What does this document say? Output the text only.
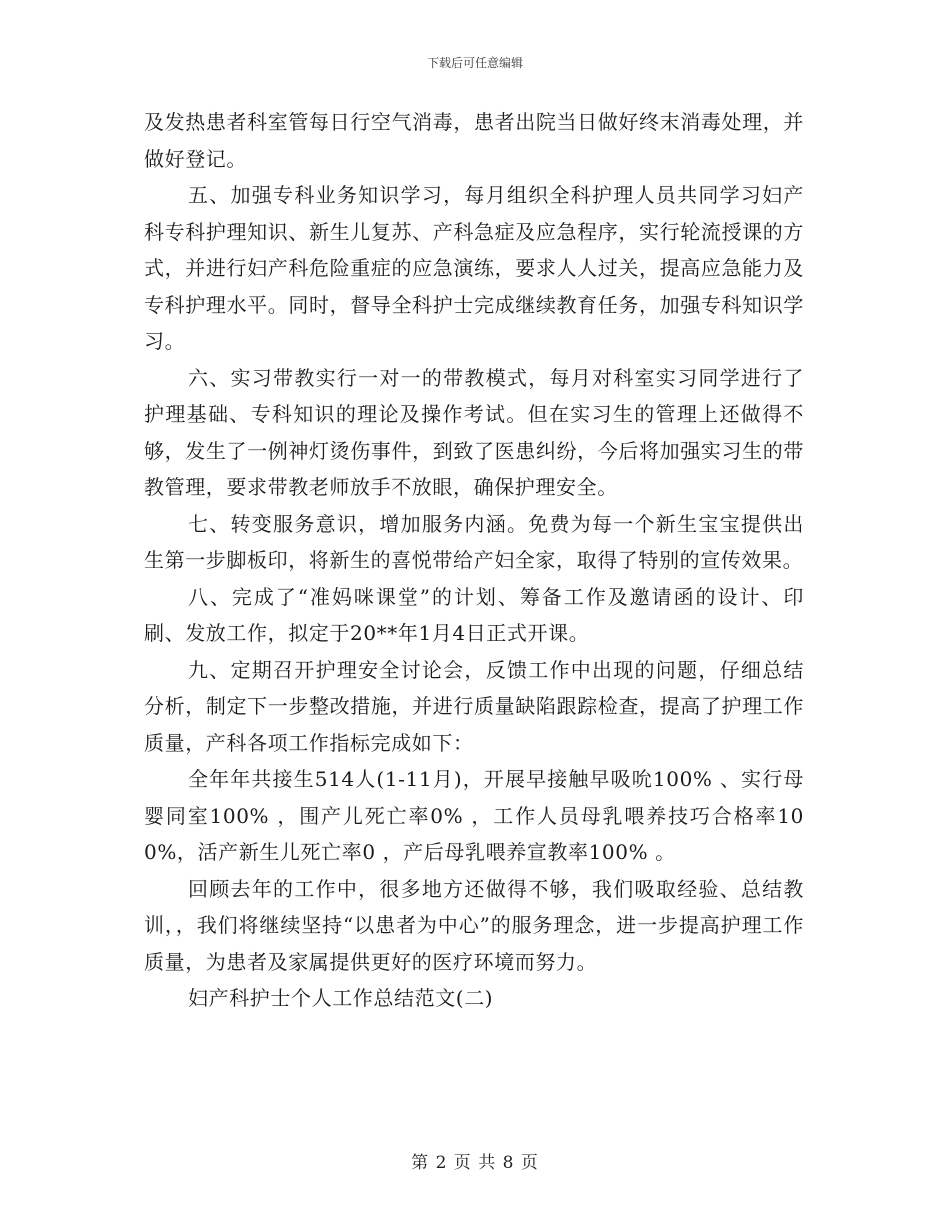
下载后可任意编辑

及发热患者科室管每日行空气消毒，患者出院当日做好终末消毒处理，并做好登记。

五、加强专科业务知识学习，每月组织全科护理人员共同学习妇产科专科护理知识、新生儿复苏、产科急症及应急程序，实行轮流授课的方式，并进行妇产科危险重症的应急演练，要求人人过关，提高应急能力及专科护理水平。同时，督导全科护士完成继续教育任务，加强专科知识学习。

六、实习带教实行一对一的带教模式，每月对科室实习同学进行了护理基础、专科知识的理论及操作考试。但在实习生的管理上还做得不够，发生了一例神灯烫伤事件，到致了医患纠纷，今后将加强实习生的带教管理，要求带教老师放手不放眼，确保护理安全。

七、转变服务意识，增加服务内涵。免费为每一个新生宝宝提供出生第一步脚板印，将新生的喜悦带给产妇全家，取得了特别的宣传效果。

八、完成了“准妈咪课堂”的计划、筹备工作及邀请函的设计、印刷、发放工作，拟定于20**年1月4日正式开课。

九、定期召开护理安全讨论会，反馈工作中出现的问题，仔细总结分析，制定下一步整改措施，并进行质量缺陷跟踪检查，提高了护理工作质量，产科各项工作指标完成如下：

全年年共接生514人(1-11月)，开展早接触早吸吮100% 、实行母婴同室100% ，围产儿死亡率0% ，工作人员母乳喂养技巧合格率100%，活产新生儿死亡率0 ，产后母乳喂养宣教率100% 。

回顾去年的工作中，很多地方还做得不够，我们吸取经验、总结教训，，我们将继续坚持“以患者为中心”的服务理念，进一步提高护理工作质量，为患者及家属提供更好的医疗环境而努力。

妇产科护士个人工作总结范文(二)

第 2 页 共 8 页
